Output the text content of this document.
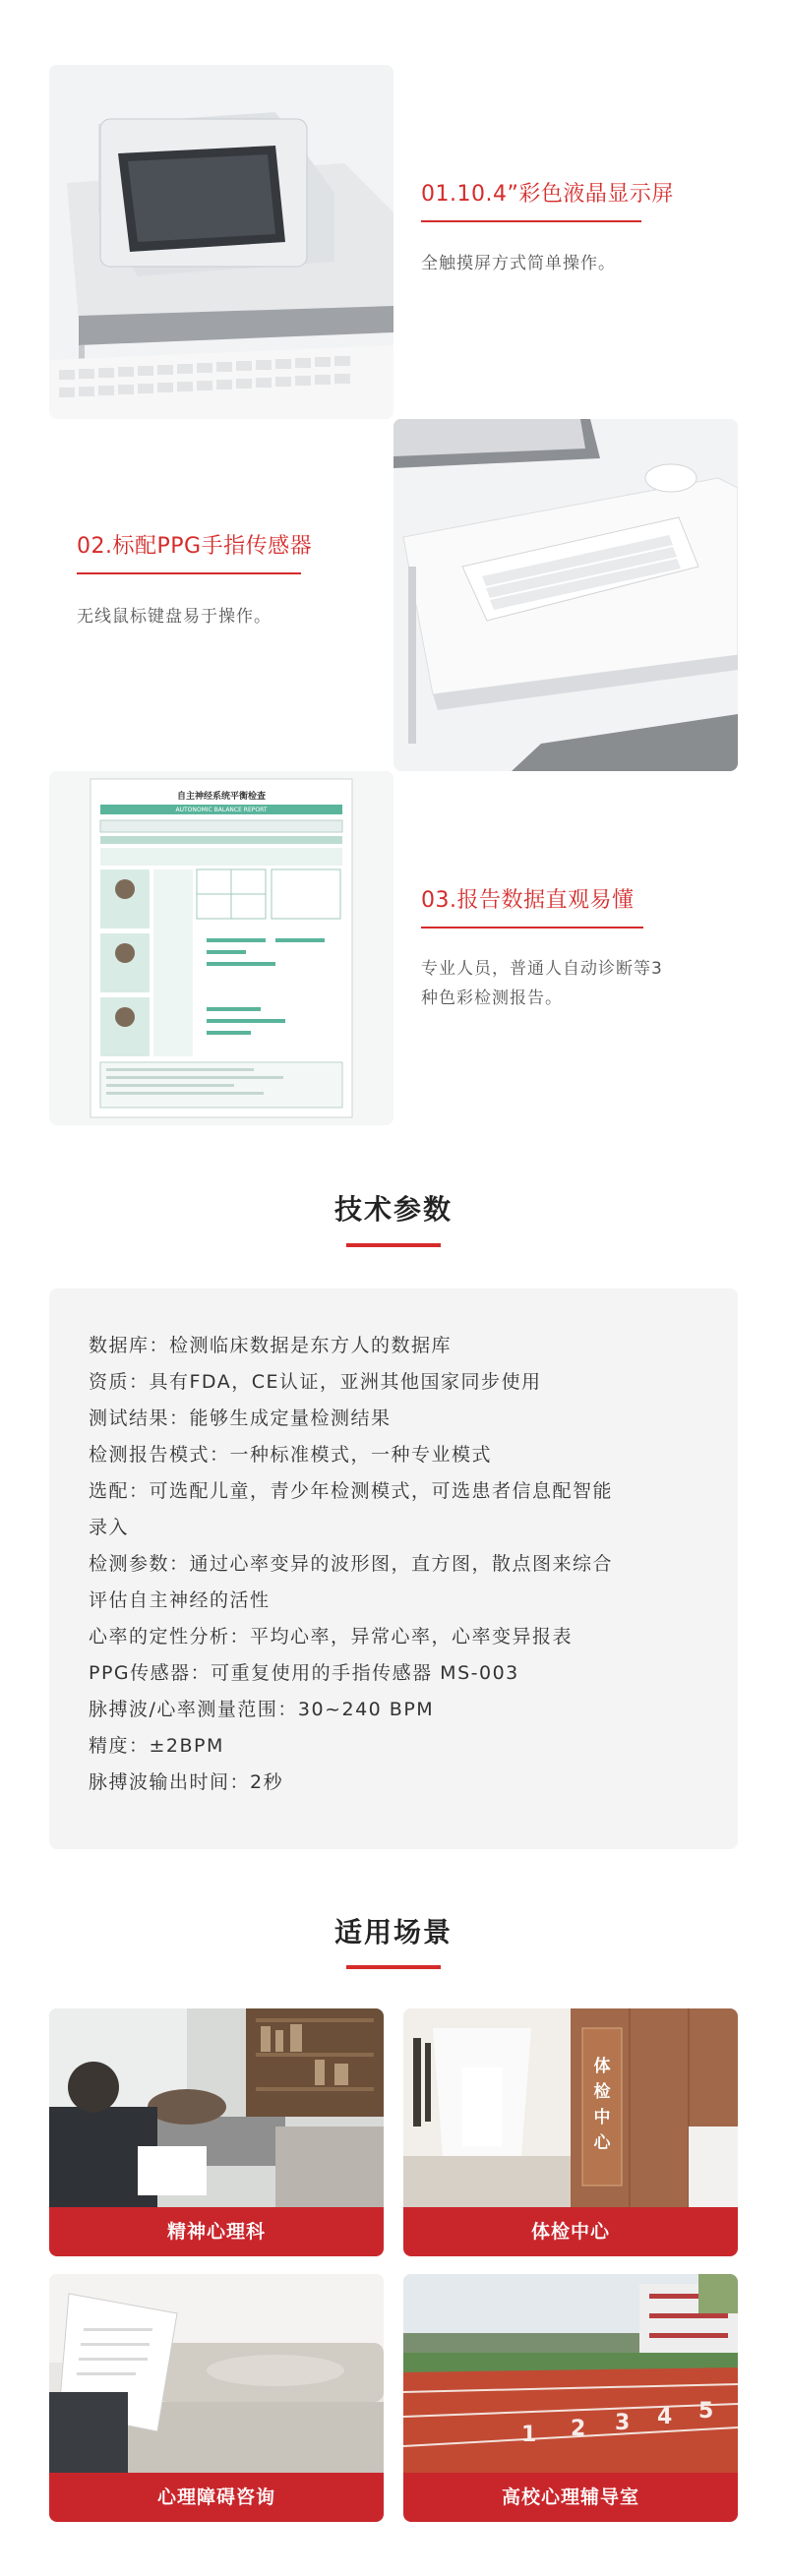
01.10.4”彩色液晶显示屏
全触摸屏方式简单操作。
02.标配PPG手指传感器
无线鼠标键盘易于操作。
自主神经系统平衡检查
AUTONOMIC BALANCE REPORT
03.报告数据直观易懂
专业人员，普通人自动诊断等3
种色彩检测报告。
技术参数
数据库：检测临床数据是东方人的数据库
资质：具有FDA，CE认证，亚洲其他国家同步使用
测试结果：能够生成定量检测结果
检测报告模式：一种标准模式，一种专业模式
选配：可选配儿童，青少年检测模式，可选患者信息配智能
录入
检测参数：通过心率变异的波形图，直方图，散点图来综合
评估自主神经的活性
心率的定性分析：平均心率，异常心率，心率变异报表
PPG传感器：可重复使用的手指传感器 MS-003
脉搏波/心率测量范围：30~240 BPM
精度：±2BPM
脉搏波输出时间：2秒
适用场景
精神心理科
体检中心
体检中心
心理障碍咨询
1 2 3 4 5
高校心理辅导室
